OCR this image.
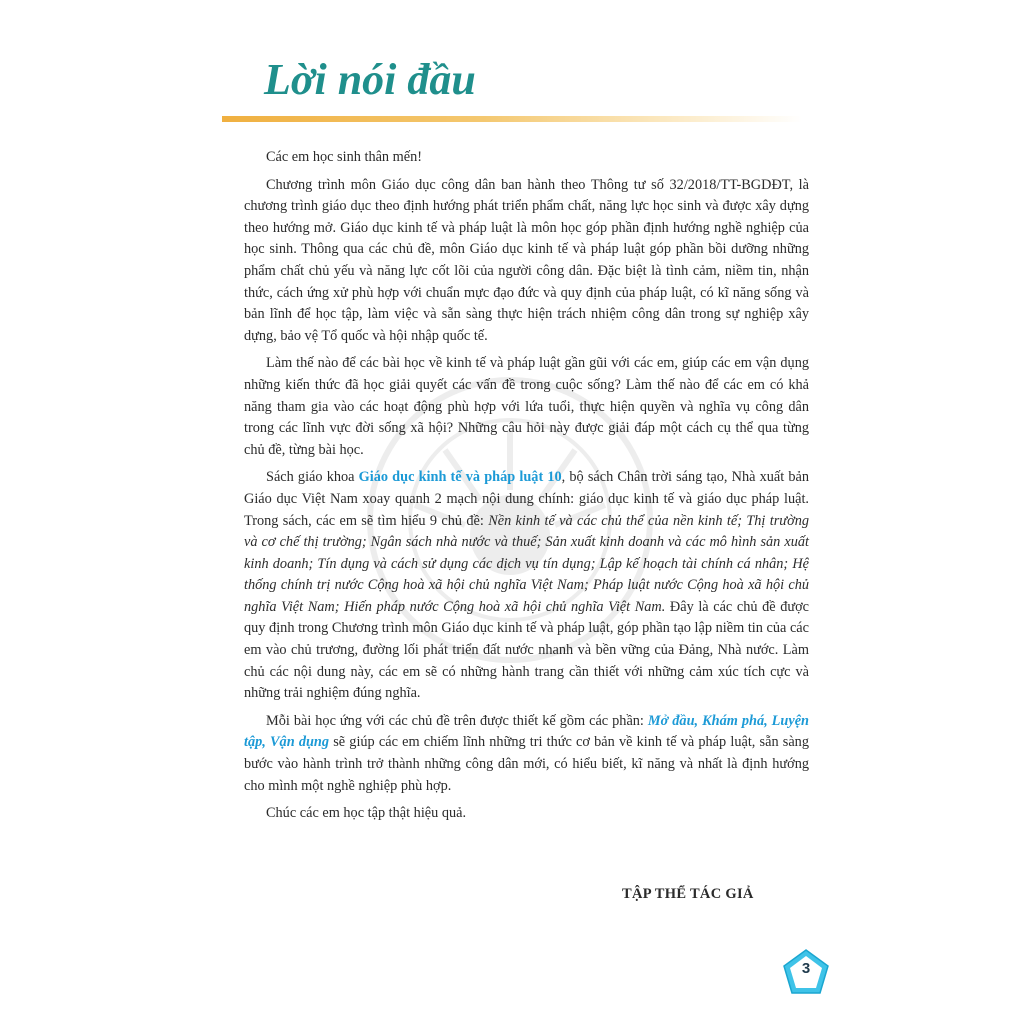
Lời nói đầu

Các em học sinh thân mến!

Chương trình môn Giáo dục công dân ban hành theo Thông tư số 32/2018/TT-BGDĐT, là chương trình giáo dục theo định hướng phát triển phẩm chất, năng lực học sinh và được xây dựng theo hướng mở. Giáo dục kinh tế và pháp luật là môn học góp phần định hướng nghề nghiệp của học sinh. Thông qua các chủ đề, môn Giáo dục kinh tế và pháp luật góp phần bồi dưỡng những phẩm chất chủ yếu và năng lực cốt lõi của người công dân. Đặc biệt là tình cảm, niềm tin, nhận thức, cách ứng xử phù hợp với chuẩn mực đạo đức và quy định của pháp luật, có kĩ năng sống và bản lĩnh để học tập, làm việc và sẵn sàng thực hiện trách nhiệm công dân trong sự nghiệp xây dựng, bảo vệ Tổ quốc và hội nhập quốc tế.

Làm thế nào để các bài học về kinh tế và pháp luật gần gũi với các em, giúp các em vận dụng những kiến thức đã học giải quyết các vấn đề trong cuộc sống? Làm thế nào để các em có khả năng tham gia vào các hoạt động phù hợp với lứa tuổi, thực hiện quyền và nghĩa vụ công dân trong các lĩnh vực đời sống xã hội? Những câu hỏi này được giải đáp một cách cụ thể qua từng chủ đề, từng bài học.

Sách giáo khoa Giáo dục kinh tế và pháp luật 10, bộ sách Chân trời sáng tạo, Nhà xuất bản Giáo dục Việt Nam xoay quanh 2 mạch nội dung chính: giáo dục kinh tế và giáo dục pháp luật. Trong sách, các em sẽ tìm hiểu 9 chủ đề: Nền kinh tế và các chủ thể của nền kinh tế; Thị trường và cơ chế thị trường; Ngân sách nhà nước và thuế; Sản xuất kinh doanh và các mô hình sản xuất kinh doanh; Tín dụng và cách sử dụng các dịch vụ tín dụng; Lập kế hoạch tài chính cá nhân; Hệ thống chính trị nước Cộng hoà xã hội chủ nghĩa Việt Nam; Pháp luật nước Cộng hoà xã hội chủ nghĩa Việt Nam; Hiến pháp nước Cộng hoà xã hội chủ nghĩa Việt Nam. Đây là các chủ đề được quy định trong Chương trình môn Giáo dục kinh tế và pháp luật, góp phần tạo lập niềm tin của các em vào chủ trương, đường lối phát triển đất nước nhanh và bền vững của Đảng, Nhà nước. Làm chủ các nội dung này, các em sẽ có những hành trang cần thiết với những cảm xúc tích cực và những trải nghiệm đúng nghĩa.

Mỗi bài học ứng với các chủ đề trên được thiết kế gồm các phần: Mở đầu, Khám phá, Luyện tập, Vận dụng sẽ giúp các em chiếm lĩnh những tri thức cơ bản về kinh tế và pháp luật, sẵn sàng bước vào hành trình trở thành những công dân mới, có hiểu biết, kĩ năng và nhất là định hướng cho mình một nghề nghiệp phù hợp.

Chúc các em học tập thật hiệu quả.

TẬP THỂ TÁC GIẢ
3
